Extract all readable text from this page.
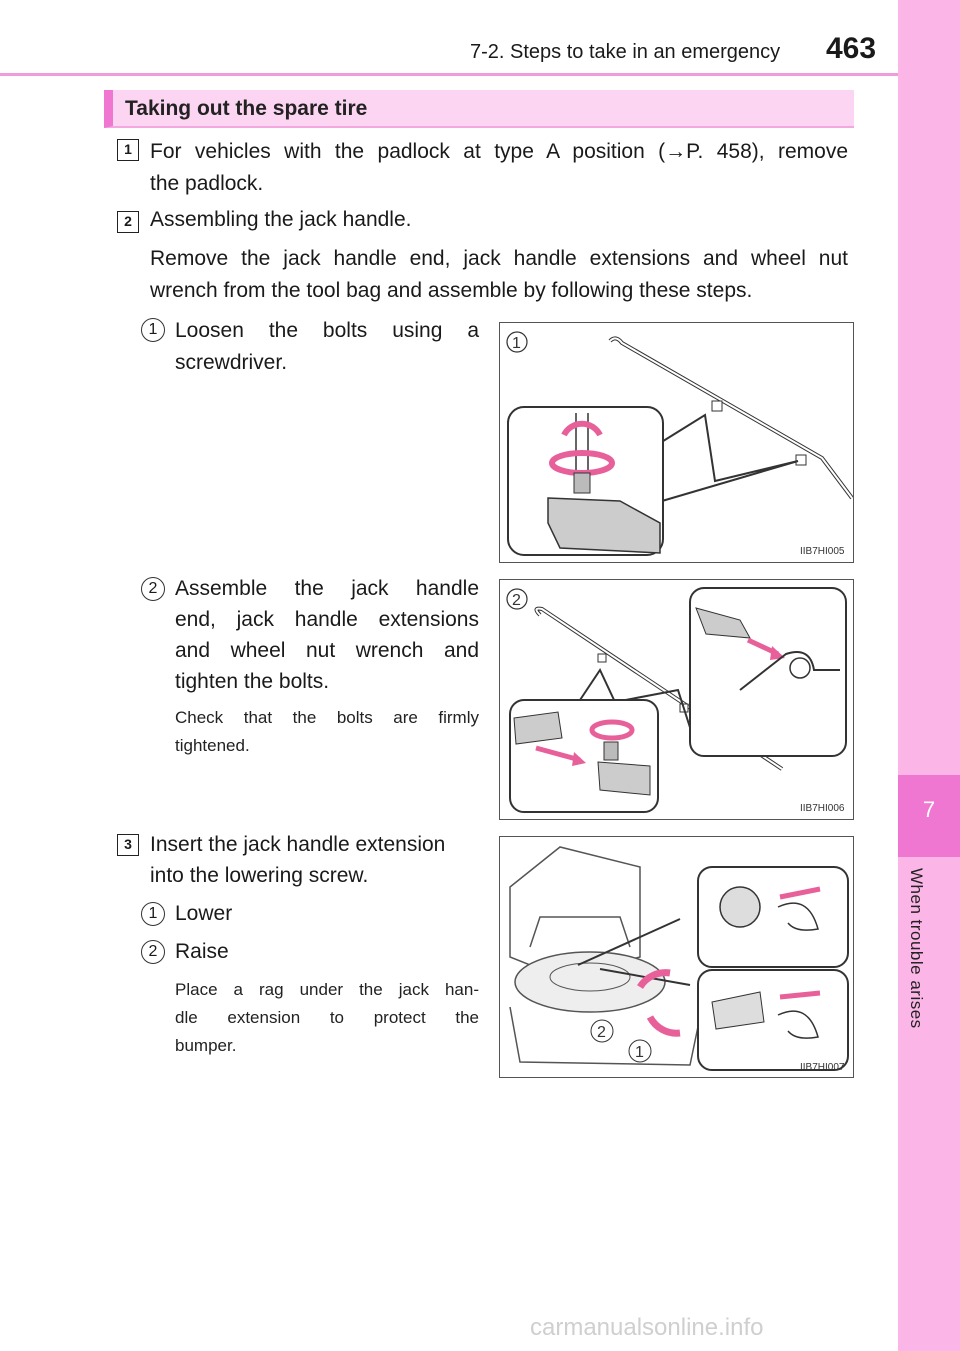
7-2. Steps to take in an emergency 463
7
When trouble arises
Taking out the spare tire
1 For vehicles with the padlock at type A position (→P. 458), remove
the padlock.
2 Assembling the jack handle.
Remove the jack handle end, jack handle extensions and wheel nut
wrench from the tool bag and assemble by following these steps.
1 Loosen the bolts using a
screwdriver.
1
IIB7HI005
2 Assemble the jack handle
end, jack handle extensions
and wheel nut wrench and
tighten the bolts.
Check that the bolts are firmly
tightened.
2
IIB7HI006
3 Insert the jack handle extension
into the lowering screw.
1 Lower
2 Raise
Place a rag under the jack han-
dle extension to protect the
bumper.
2
1
IIB7HI007
carmanualsonline.info
